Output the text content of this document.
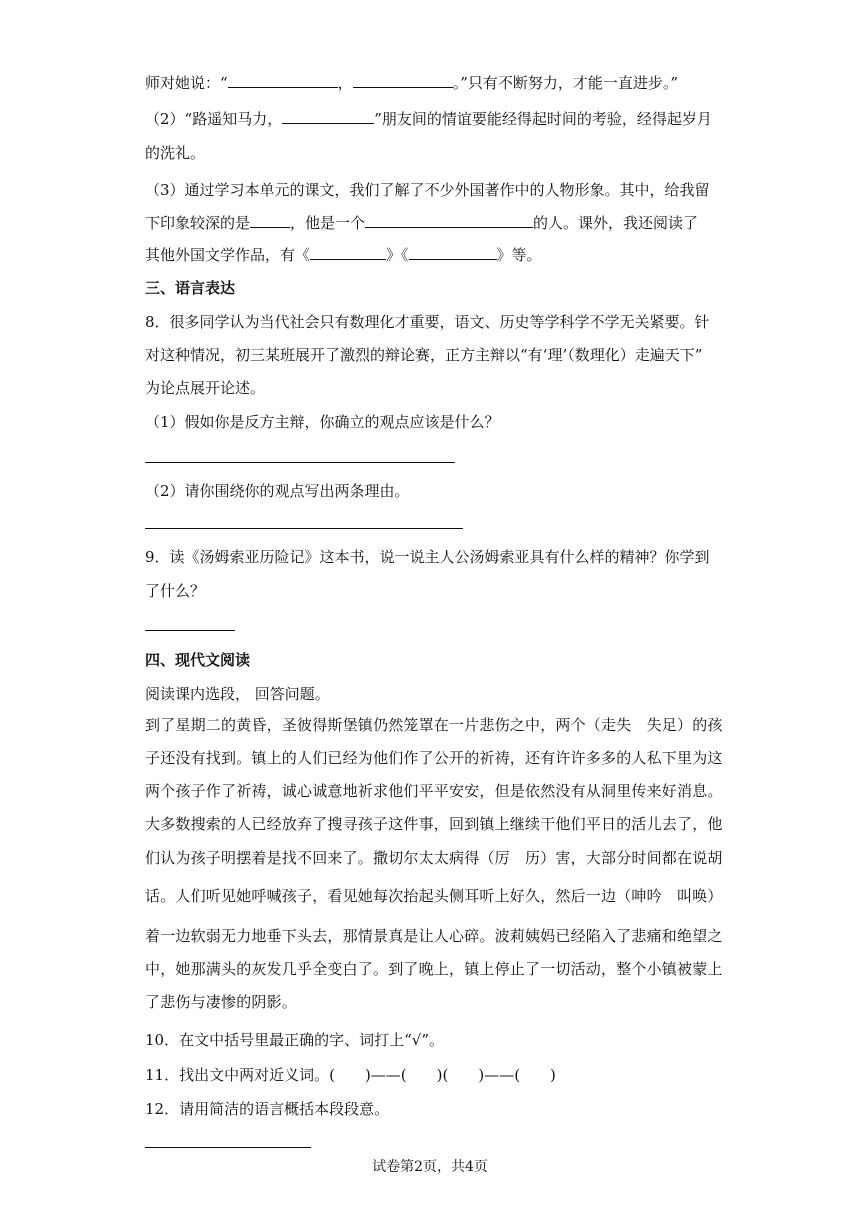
师对她说：“	，	。”只有不断努力，才能一直进步。”
（2）“路遥知马力，	”朋友间的情谊要能经得起时间的考验，经得起岁月
的洗礼。
（3）通过学习本单元的课文，我们了解了不少外国著作中的人物形象。其中，给我留
下印象较深的是	，他是一个	的人。课外，我还阅读了
其他外国文学作品，有《	》《	》等。
三、语言表达
8．很多同学认为当代社会只有数理化才重要，语文、历史等学科学不学无关紧要。针
对这种情况，初三某班展开了激烈的辩论赛，正方主辩以“有‘理’（数理化）走遍天下”
为论点展开论述。
（1）假如你是反方主辩，你确立的观点应该是什么？
（2）请你围绕你的观点写出两条理由。
9．读《汤姆索亚历险记》这本书，说一说主人公汤姆索亚具有什么样的精神？你学到
了什么？
四、现代文阅读
阅读课内选段， 回答问题。
到了星期二的黄昏，圣彼得斯堡镇仍然笼罩在一片悲伤之中，两个（走失　失足）的孩
子还没有找到。镇上的人们已经为他们作了公开的祈祷，还有许许多多的人私下里为这
两个孩子作了祈祷，诚心诚意地祈求他们平平安安，但是依然没有从洞里传来好消息。
大多数搜索的人已经放弃了搜寻孩子这件事，回到镇上继续干他们平日的活儿去了，他
们认为孩子明摆着是找不回来了。撒切尔太太病得（厉　历）害，大部分时间都在说胡
话。人们听见她呼喊孩子，看见她每次抬起头侧耳听上好久，然后一边（呻吟　叫唤）
着一边软弱无力地垂下头去，那情景真是让人心碎。波莉姨妈已经陷入了悲痛和绝望之
中，她那满头的灰发几乎全变白了。到了晚上，镇上停止了一切活动，整个小镇被蒙上
了悲伤与凄惨的阴影。
10．在文中括号里最正确的字、词打上“√”。
11．找出文中两对近义词。(　　)——(　　)(　　)——(　　)
12．请用简洁的语言概括本段段意。
试卷第2页，共4页
